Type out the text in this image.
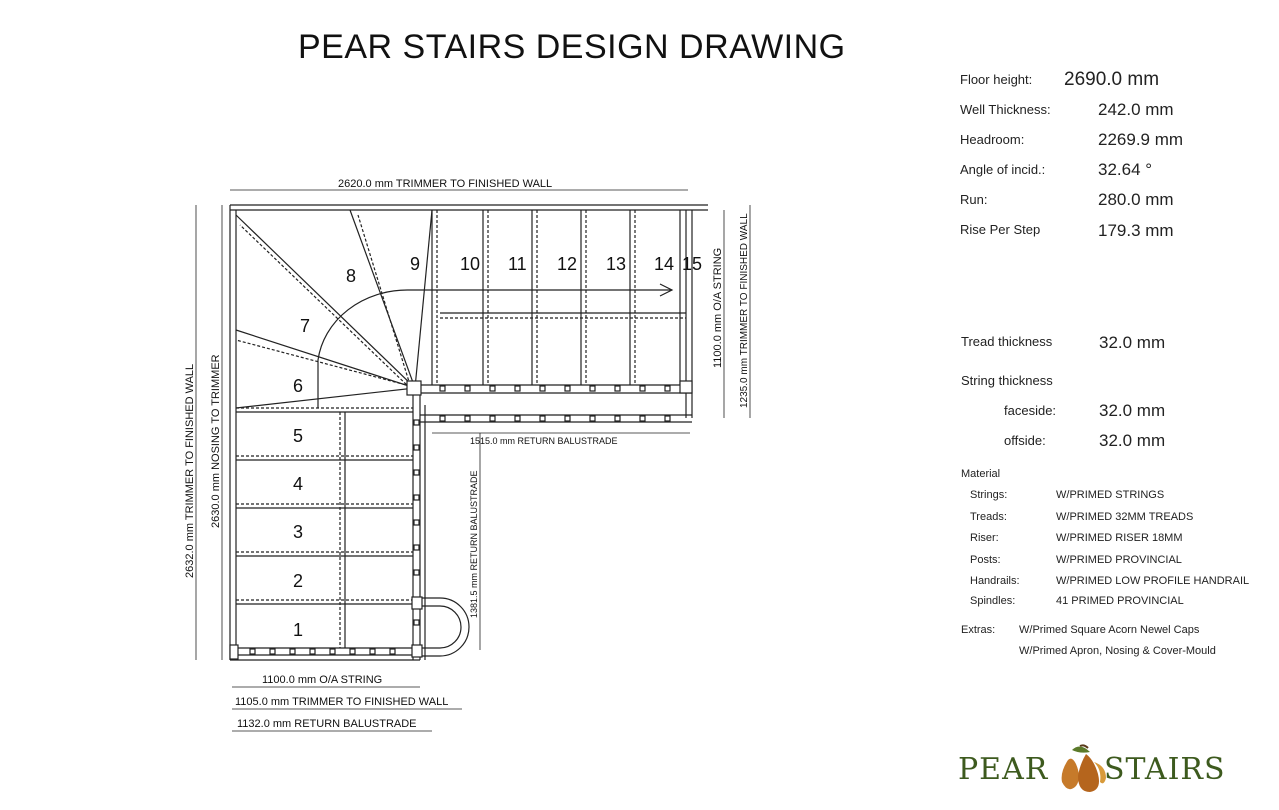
PEAR STAIRS DESIGN DRAWING
1
2
3
4
5
6
7
8
9 10 11 12 13 14 15
2620.0 mm TRIMMER TO FINISHED WALL
2632.0 mm TRIMMER TO FINISHED WALL 2630.0 mm NOSING TO TRIMMER
1100.0 mm O/A STRING 1235.0 mm TRIMMER TO FINISHED WALL
1515.0 mm RETURN BALUSTRADE
1381.5 mm RETURN BALUSTRADE
1100.0 mm O/A STRING
1105.0 mm TRIMMER TO FINISHED WALL
1132.0 mm RETURN BALUSTRADE
Floor height: 2690.0 mm
Well Thickness:	242.0 mm
Headroom:	2269.9 mm
Angle of incid.:	32.64 °
Run:	280.0 mm
Rise Per Step	179.3 mm
Tread thickness	32.0 mm
String thickness
faceside:	32.0 mm
offside:	32.0 mm
Material
Strings:	W/PRIMED STRINGS
Treads:	W/PRIMED 32MM TREADS
Riser:	W/PRIMED RISER 18MM
Posts:	W/PRIMED PROVINCIAL
Handrails:	W/PRIMED LOW PROFILE HANDRAIL
Spindles:	41 PRIMED PROVINCIAL
Extras: W/Primed Square Acorn Newel Caps
W/Primed Apron, Nosing & Cover-Mould
PEAR STAIRS
